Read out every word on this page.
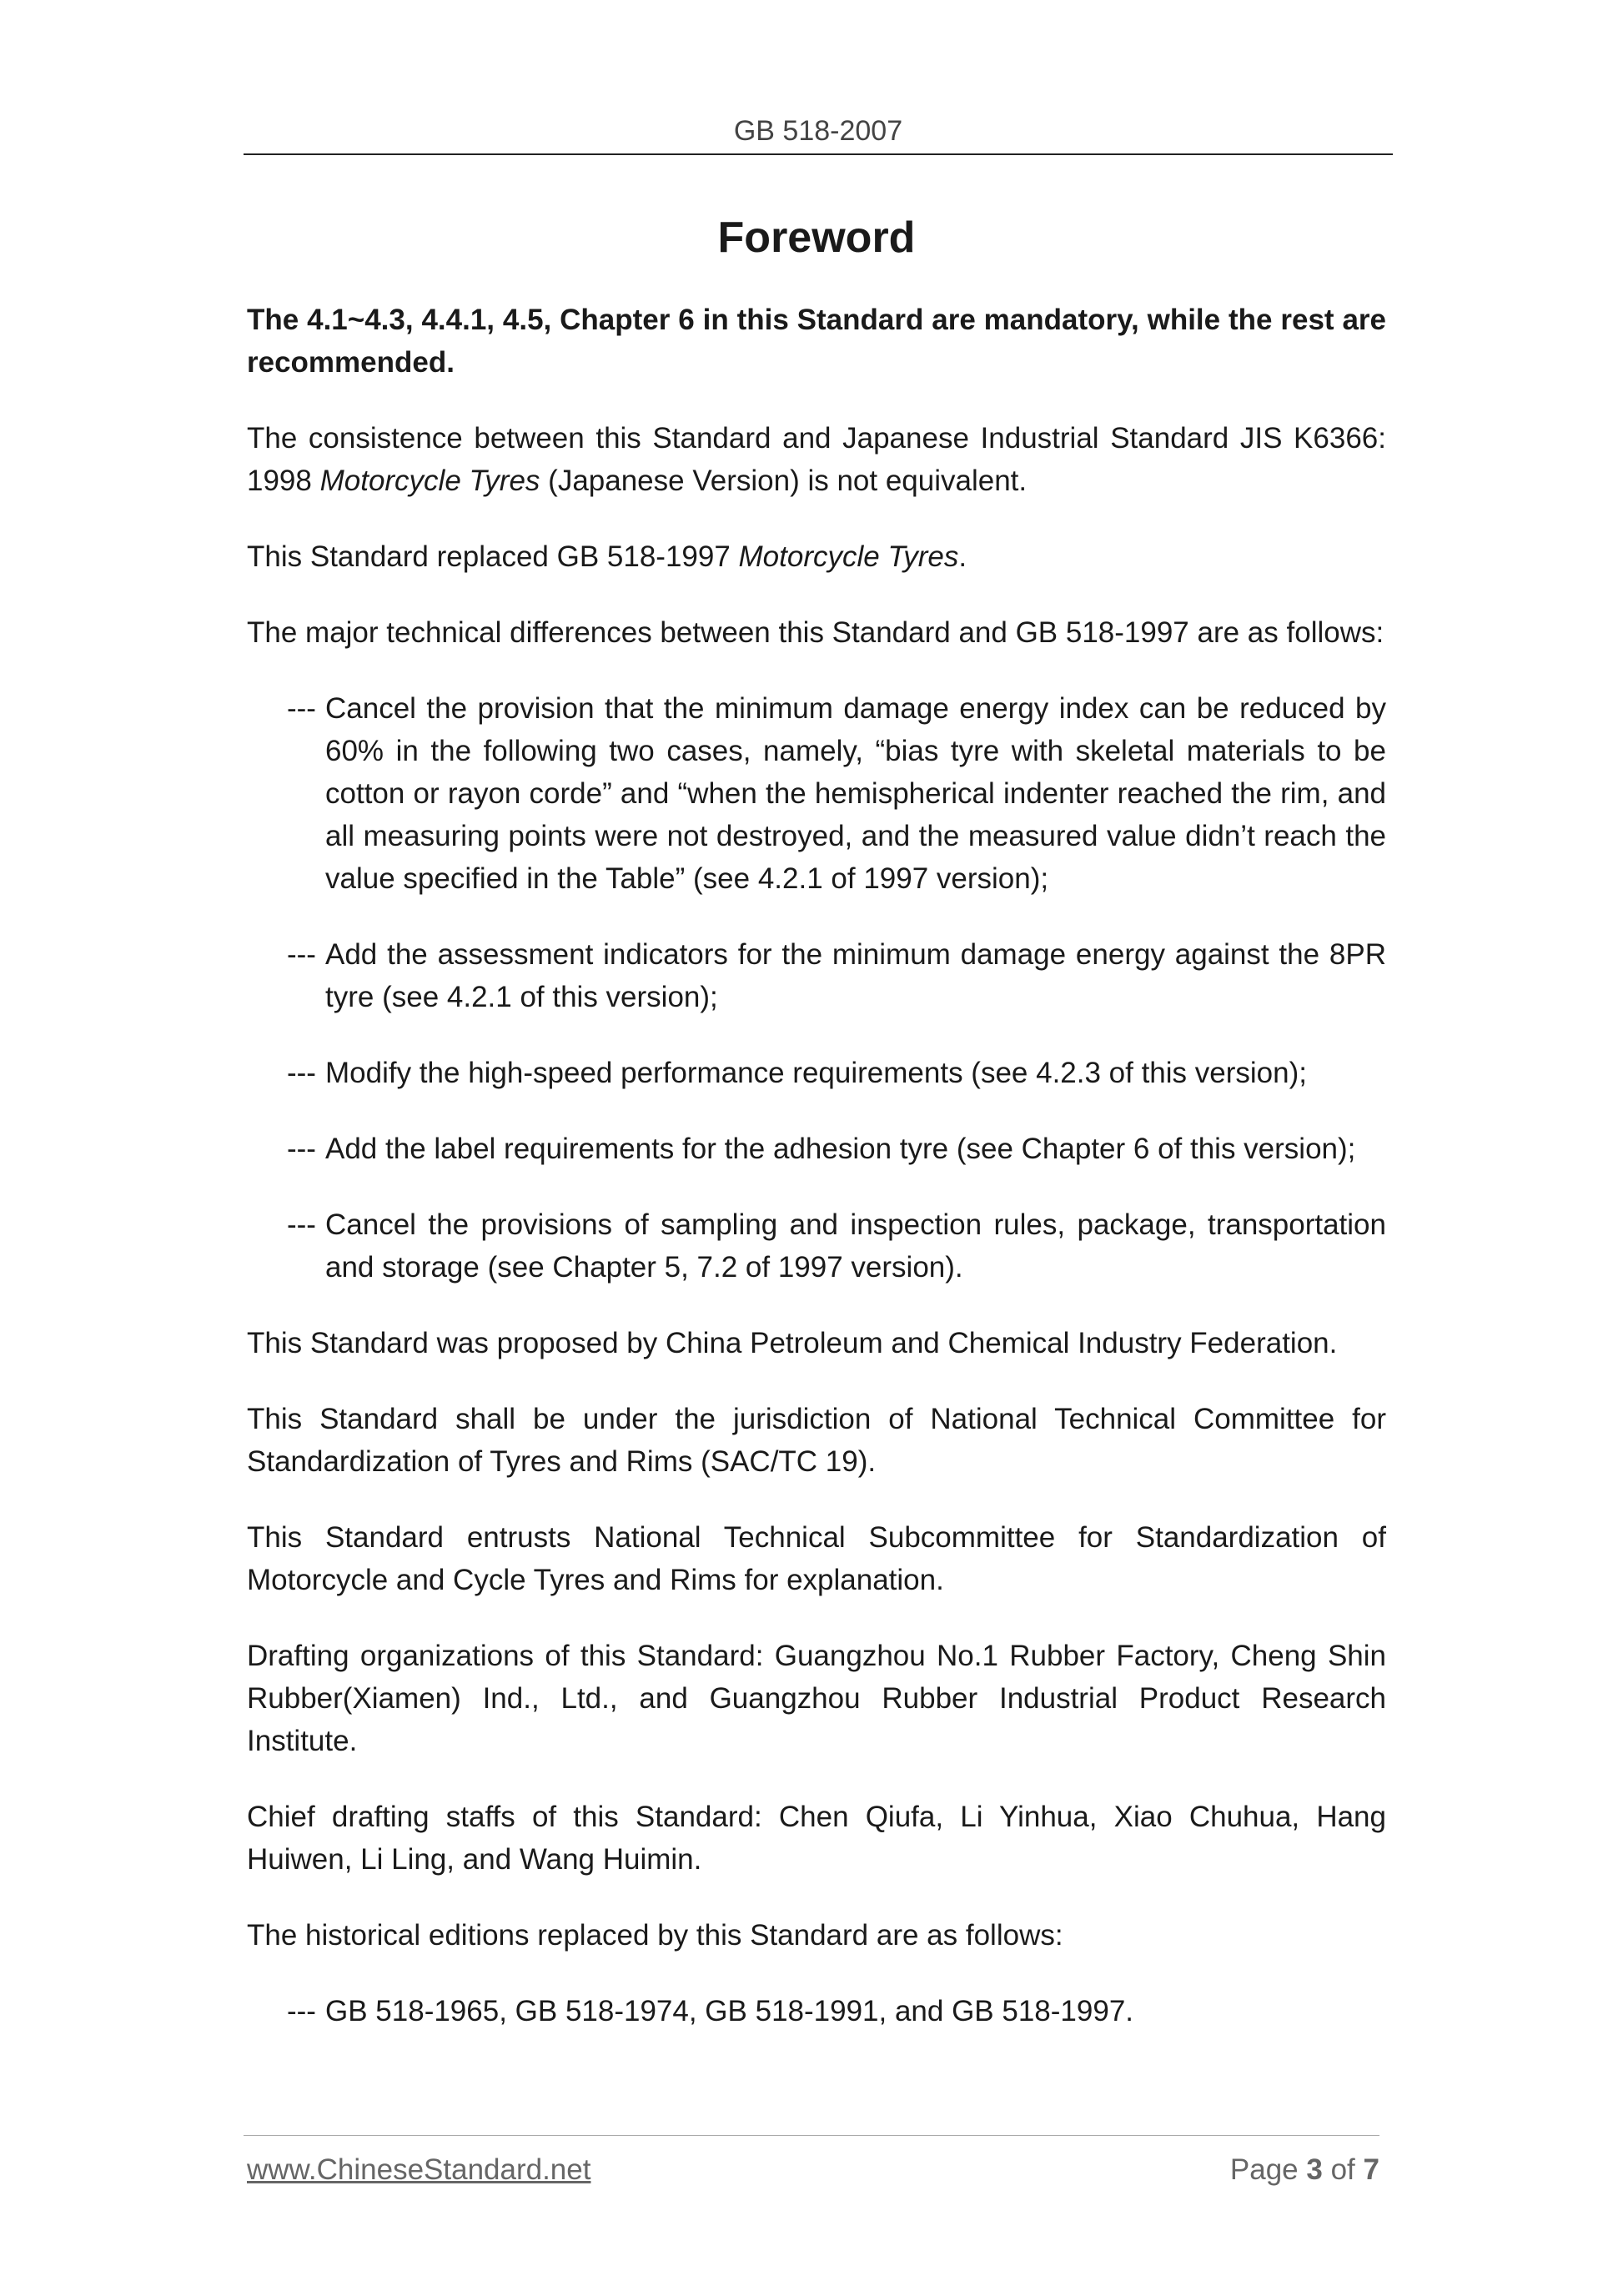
GB 518-2007
Foreword

The 4.1~4.3, 4.4.1, 4.5, Chapter 6 in this Standard are mandatory, while the rest are recommended.

The consistence between this Standard and Japanese Industrial Standard JIS K6366: 1998 Motorcycle Tyres (Japanese Version) is not equivalent.

This Standard replaced GB 518-1997 Motorcycle Tyres.

The major technical differences between this Standard and GB 518-1997 are as follows:

--- Cancel the provision that the minimum damage energy index can be reduced by 60% in the following two cases, namely, “bias tyre with skeletal materials to be cotton or rayon corde” and “when the hemispherical indenter reached the rim, and all measuring points were not destroyed, and the measured value didn’t reach the value specified in the Table” (see 4.2.1 of 1997 version);
--- Add the assessment indicators for the minimum damage energy against the 8PR tyre (see 4.2.1 of this version);
--- Modify the high-speed performance requirements (see 4.2.3 of this version);
--- Add the label requirements for the adhesion tyre (see Chapter 6 of this version);
--- Cancel the provisions of sampling and inspection rules, package, transportation and storage (see Chapter 5, 7.2 of 1997 version).

This Standard was proposed by China Petroleum and Chemical Industry Federation.

This Standard shall be under the jurisdiction of National Technical Committee for Standardization of Tyres and Rims (SAC/TC 19).

This Standard entrusts National Technical Subcommittee for Standardization of Motorcycle and Cycle Tyres and Rims for explanation.

Drafting organizations of this Standard: Guangzhou No.1 Rubber Factory, Cheng Shin Rubber(Xiamen) Ind., Ltd., and Guangzhou Rubber Industrial Product Research Institute.

Chief drafting staffs of this Standard: Chen Qiufa, Li Yinhua, Xiao Chuhua, Hang Huiwen, Li Ling, and Wang Huimin.

The historical editions replaced by this Standard are as follows:

--- GB 518-1965, GB 518-1974, GB 518-1991, and GB 518-1997.
www.ChineseStandard.net	Page 3 of 7
